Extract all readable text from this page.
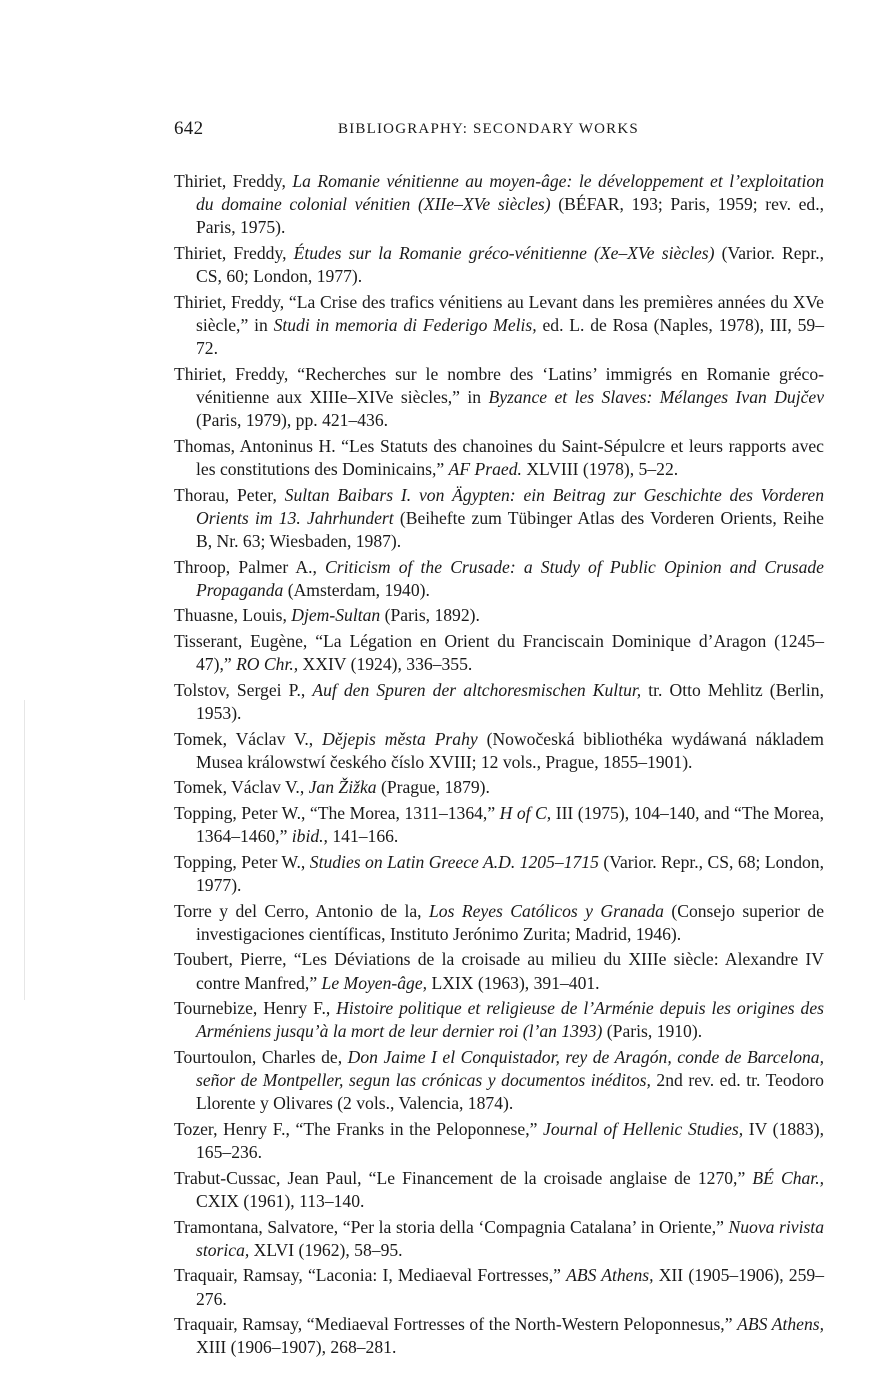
642	BIBLIOGRAPHY: SECONDARY WORKS
Thiriet, Freddy, La Romanie vénitienne au moyen-âge: le développement et l’exploitation du domaine colonial vénitien (XIIe–XVe siècles) (BÉFAR, 193; Paris, 1959; rev. ed., Paris, 1975).
Thiriet, Freddy, Études sur la Romanie gréco-vénitienne (Xe–XVe siècles) (Varior. Repr., CS, 60; London, 1977).
Thiriet, Freddy, “La Crise des trafics vénitiens au Levant dans les premières années du XVe siècle,” in Studi in memoria di Federigo Melis, ed. L. de Rosa (Naples, 1978), III, 59–72.
Thiriet, Freddy, “Recherches sur le nombre des ‘Latins’ immigrés en Romanie gréco-vénitienne aux XIIIe–XIVe siècles,” in Byzance et les Slaves: Mélanges Ivan Dujčev (Paris, 1979), pp. 421–436.
Thomas, Antoninus H. “Les Statuts des chanoines du Saint-Sépulcre et leurs rapports avec les constitutions des Dominicains,” AF Praed. XLVIII (1978), 5–22.
Thorau, Peter, Sultan Baibars I. von Ägypten: ein Beitrag zur Geschichte des Vorderen Orients im 13. Jahrhundert (Beihefte zum Tübinger Atlas des Vorderen Orients, Reihe B, Nr. 63; Wiesbaden, 1987).
Throop, Palmer A., Criticism of the Crusade: a Study of Public Opinion and Crusade Propaganda (Amsterdam, 1940).
Thuasne, Louis, Djem-Sultan (Paris, 1892).
Tisserant, Eugène, “La Légation en Orient du Franciscain Dominique d’Aragon (1245–47),” RO Chr., XXIV (1924), 336–355.
Tolstov, Sergei P., Auf den Spuren der altchoresmischen Kultur, tr. Otto Mehlitz (Berlin, 1953).
Tomek, Václav V., Dějepis města Prahy (Nowočeská bibliothéka wydáwaná nákladem Musea králowstwí českého číslo XVIII; 12 vols., Prague, 1855–1901).
Tomek, Václav V., Jan Žižka (Prague, 1879).
Topping, Peter W., “The Morea, 1311–1364,” H of C, III (1975), 104–140, and “The Morea, 1364–1460,” ibid., 141–166.
Topping, Peter W., Studies on Latin Greece A.D. 1205–1715 (Varior. Repr., CS, 68; London, 1977).
Torre y del Cerro, Antonio de la, Los Reyes Católicos y Granada (Consejo superior de investigaciones científicas, Instituto Jerónimo Zurita; Madrid, 1946).
Toubert, Pierre, “Les Déviations de la croisade au milieu du XIIIe siècle: Alexandre IV contre Manfred,” Le Moyen-âge, LXIX (1963), 391–401.
Tournebize, Henry F., Histoire politique et religieuse de l’Arménie depuis les origines des Arméniens jusqu’à la mort de leur dernier roi (l’an 1393) (Paris, 1910).
Tourtoulon, Charles de, Don Jaime I el Conquistador, rey de Aragón, conde de Barcelona, señor de Montpeller, segun las crónicas y documentos inéditos, 2nd rev. ed. tr. Teodoro Llorente y Olivares (2 vols., Valencia, 1874).
Tozer, Henry F., “The Franks in the Peloponnese,” Journal of Hellenic Studies, IV (1883), 165–236.
Trabut-Cussac, Jean Paul, “Le Financement de la croisade anglaise de 1270,” BÉ Char., CXIX (1961), 113–140.
Tramontana, Salvatore, “Per la storia della ‘Compagnia Catalana’ in Oriente,” Nuova rivista storica, XLVI (1962), 58–95.
Traquair, Ramsay, “Laconia: I, Mediaeval Fortresses,” ABS Athens, XII (1905–1906), 259–276.
Traquair, Ramsay, “Mediaeval Fortresses of the North-Western Peloponnesus,” ABS Athens, XIII (1906–1907), 268–281.
